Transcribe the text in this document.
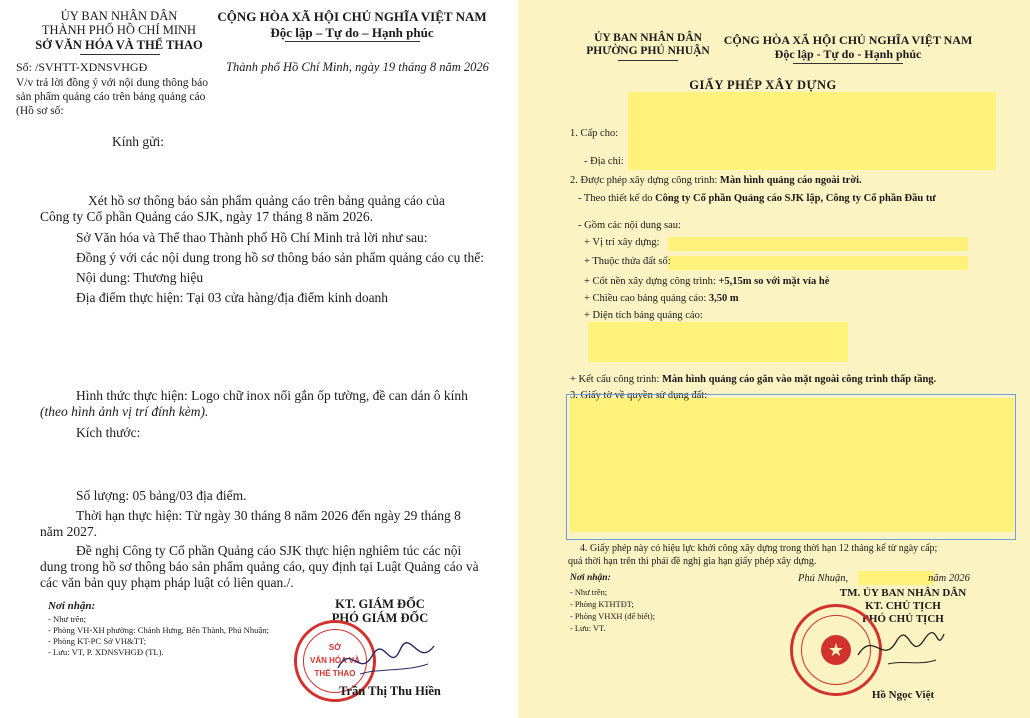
ỦY BAN NHÂN DÂN
THÀNH PHỐ HỒ CHÍ MINH
SỞ VĂN HÓA VÀ THỂ THAO
CỘNG HÒA XÃ HỘI CHỦ NGHĨA VIỆT NAM
Độc lập – Tự do – Hạnh phúc
Số: /SVHTT-XDNSVHGĐ	Thành phố Hồ Chí Minh, ngày 19 tháng 8 năm 2026
V/v trả lời đồng ý với nội dung thông báo
sản phẩm quảng cáo trên bảng quảng cáo
(Hồ sơ số:
Kính gửi:
Xét hồ sơ thông báo sản phẩm quảng cáo trên bảng quảng cáo của
Công ty Cổ phần Quảng cáo SJK, ngày 17 tháng 8 năm 2026.
Sở Văn hóa và Thể thao Thành phố Hồ Chí Minh trả lời như sau:
Đồng ý với các nội dung trong hồ sơ thông báo sản phẩm quảng cáo cụ thể:
Nội dung: Thương hiệu
Địa điểm thực hiện: Tại 03 cửa hàng/địa điểm kinh doanh
Hình thức thực hiện: Logo chữ inox nổi gắn ốp tường, đề can dán ô kính
(theo hình ảnh vị trí đính kèm).
Kích thước:
Số lượng: 05 bảng/03 địa điểm.
Thời hạn thực hiện: Từ ngày 30 tháng 8 năm 2026 đến ngày 29 tháng 8
năm 2027.
Đề nghị Công ty Cổ phần Quảng cáo SJK thực hiện nghiêm túc các nội
dung trong hồ sơ thông báo sản phẩm quảng cáo, quy định tại Luật Quảng cáo và
các văn bản quy phạm pháp luật có liên quan./.
Nơi nhận:
- Như trên;
- Phòng VH-XH phường: Chánh Hưng, Bến Thành, Phú Nhuận;
- Phòng KT-PC Sở VH&TT;
- Lưu: VT, P. XDNSVHGĐ (TL).
KT. GIÁM ĐỐC
PHÓ GIÁM ĐỐC
SỞ
VĂN HÓA VÀ
THỂ THAO
Trần Thị Thu Hiền
ỦY BAN NHÂN DÂN
PHƯỜNG PHÚ NHUẬN
CỘNG HÒA XÃ HỘI CHỦ NGHĨA VIỆT NAM
Độc lập - Tự do - Hạnh phúc
GIẤY PHÉP XÂY DỰNG
1. Cấp cho:
- Địa chỉ:
2. Được phép xây dựng công trình: Màn hình quảng cáo ngoài trời.
- Theo thiết kế do Công ty Cổ phần Quảng cáo SJK lập, Công ty Cổ phần Đầu tư
- Gồm các nội dung sau:
+ Vị trí xây dựng:
+ Thuộc thửa đất số:
+ Cốt nền xây dựng công trình: +5,15m so với mặt vỉa hè
+ Chiều cao bảng quảng cáo: 3,50 m
+ Diện tích bảng quảng cáo:
+ Kết cấu công trình: Màn hình quảng cáo gắn vào mặt ngoài công trình thấp tầng.
3. Giấy tờ về quyền sử dụng đất:
4. Giấy phép này có hiệu lực khởi công xây dựng trong thời hạn 12 tháng kể từ ngày cấp;
quá thời hạn trên thì phải đề nghị gia hạn giấy phép xây dựng.
Phú Nhuận,	năm 2026
Nơi nhận:
- Như trên;
- Phòng KTHTĐT;
- Phòng VHXH (để biết);
- Lưu: VT.
TM. ỦY BAN NHÂN DÂN
KT. CHỦ TỊCH
PHÓ CHỦ TỊCH
★
Hồ Ngọc Việt
